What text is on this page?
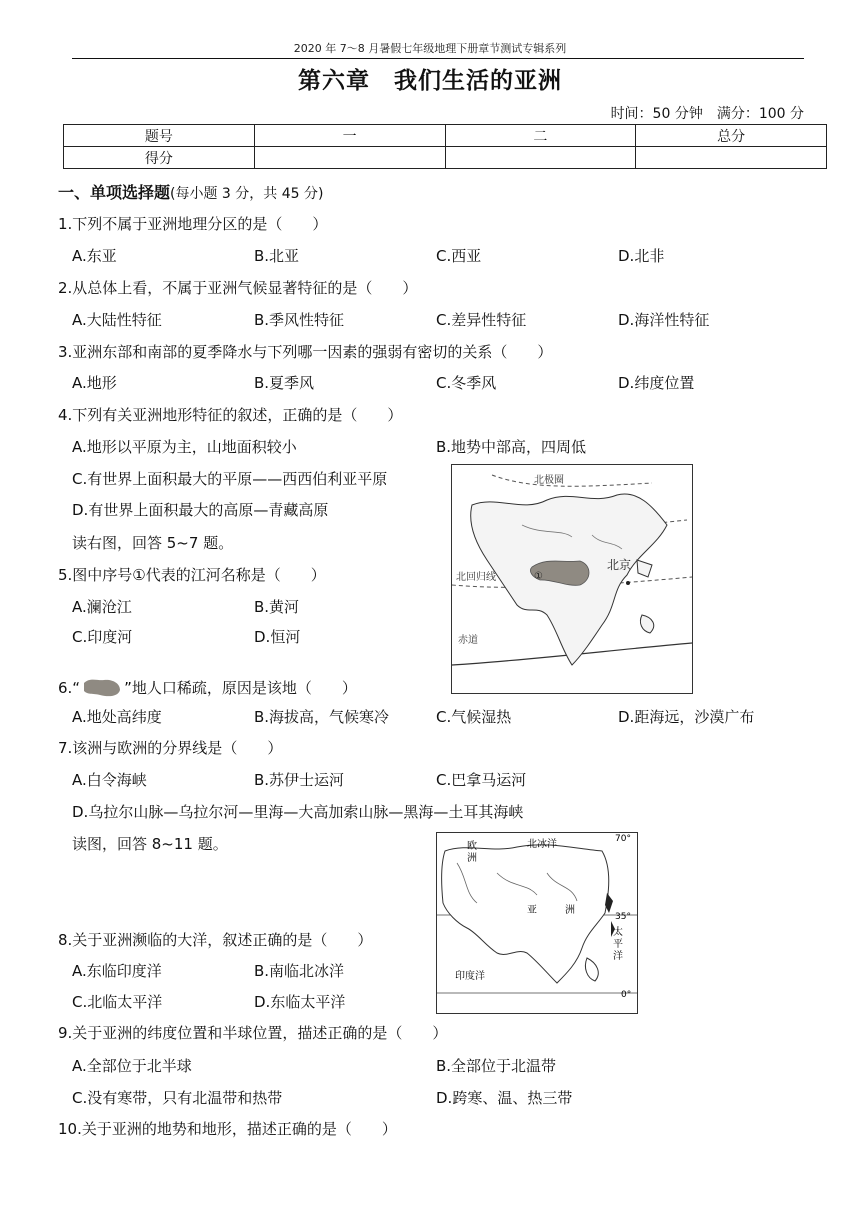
2020 年 7～8 月暑假七年级地理下册章节测试专辑系列
第六章　我们生活的亚洲
时间：50 分钟　满分：100 分
题号	一	二	总分
得分			
一、单项选择题(每小题 3 分，共 45 分)
1.下列不属于亚洲地理分区的是（　　）
A.东亚	B.北亚	C.西亚	D.北非
2.从总体上看，不属于亚洲气候显著特征的是（　　）
A.大陆性特征	B.季风性特征	C.差异性特征	D.海洋性特征
3.亚洲东部和南部的夏季降水与下列哪一因素的强弱有密切的关系（　　）
A.地形	B.夏季风	C.冬季风	D.纬度位置
4.下列有关亚洲地形特征的叙述，正确的是（　　）
A.地形以平原为主，山地面积较小	B.地势中部高，四周低
C.有世界上面积最大的平原——西西伯利亚平原
D.有世界上面积最大的高原—青藏高原
读右图，回答 5~7 题。
北极圈
北回归线
赤道
北京
①
5.图中序号①代表的江河名称是（　　）
A.澜沧江	B.黄河
C.印度河	D.恒河
6.“	”地人口稀疏，原因是该地（　　）
A.地处高纬度	B.海拔高，气候寒冷	C.气候湿热	D.距海远，沙漠广布
7.该洲与欧洲的分界线是（　　）
A.白令海峡	B.苏伊士运河	C.巴拿马运河
D.乌拉尔山脉—乌拉尔河—里海—大高加索山脉—黑海—土耳其海峡
读图，回答 8~11 题。	欧
洲
北冰洋
亚	洲
太
平
洋
印度洋
70°
35°
0°
8.关于亚洲濒临的大洋，叙述正确的是（　　）
A.东临印度洋	B.南临北冰洋
C.北临太平洋	D.东临太平洋
9.关于亚洲的纬度位置和半球位置，描述正确的是（　　）
A.全部位于北半球	B.全部位于北温带
C.没有寒带，只有北温带和热带	D.跨寒、温、热三带
10.关于亚洲的地势和地形，描述正确的是（　　）
